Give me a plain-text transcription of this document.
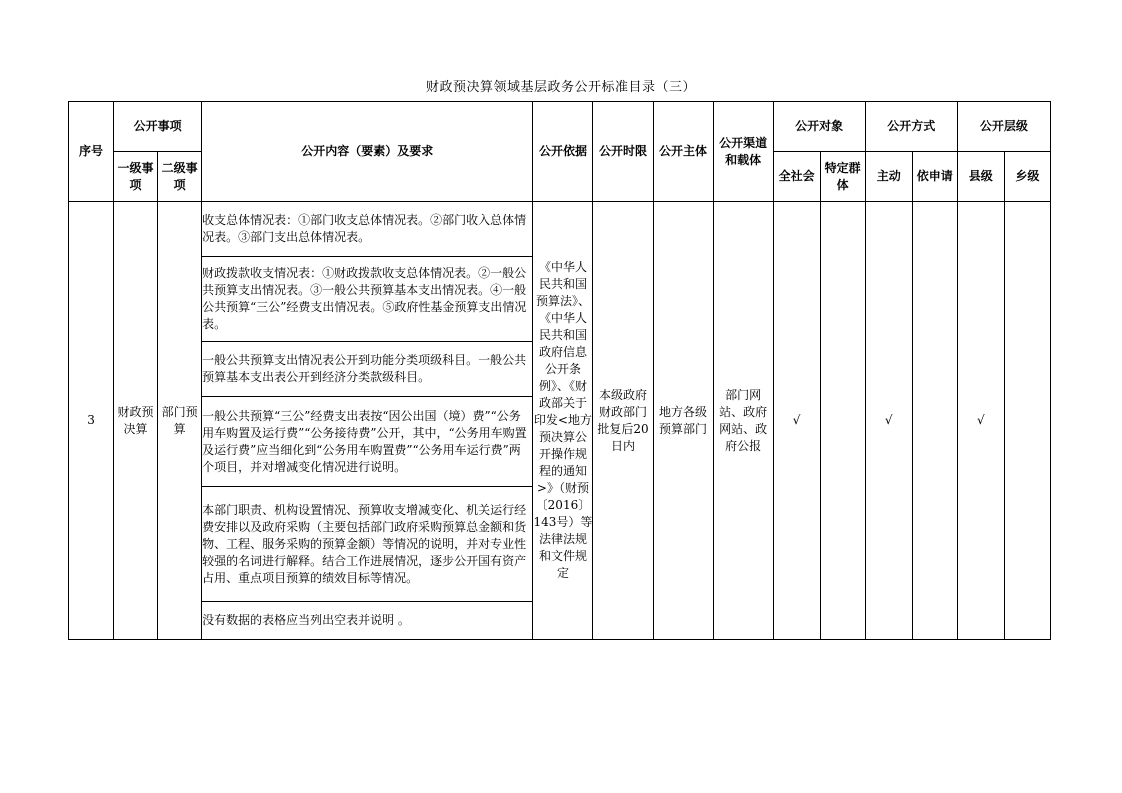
财政预决算领域基层政务公开标准目录（三）
序号	公开事项		公开内容（要素）及要求	公开依据	公开时限	公开主体	公开渠道和载体	公开对象		公开方式		公开层级	
	一级事项	二级事项						全社会	特定群体	主动	依申请	县级	乡级
3	财政预决算	部门预算	收支总体情况表：①部门收支总体情况表。②部门收入总体情况表。③部门支出总体情况表。	《中华人民共和国预算法》、《中华人民共和国政府信息公开条例》、《财政部关于印发<地方预决算公开操作规程的通知>》（财预〔2016〕143号）等法律法规和文件规定	本级政府财政部门批复后20日内	地方各级预算部门	部门网站、政府网站、政府公报	√		√		√	
			财政拨款收支情况表：①财政拨款收支总体情况表。②一般公共预算支出情况表。③一般公共预算基本支出情况表。④一般公共预算“三公”经费支出情况表。⑤政府性基金预算支出情况表。										
			一般公共预算支出情况表公开到功能分类项级科目。一般公共预算基本支出表公开到经济分类款级科目。										
			一般公共预算“三公”经费支出表按“因公出国（境）费”“公务用车购置及运行费”“公务接待费”公开，其中，“公务用车购置及运行费”应当细化到“公务用车购置费”“公务用车运行费”两个项目，并对增减变化情况进行说明。										
			本部门职责、机构设置情况、预算收支增减变化、机关运行经费安排以及政府采购（主要包括部门政府采购预算总金额和货物、工程、服务采购的预算金额）等情况的说明，并对专业性较强的名词进行解释。结合工作进展情况，逐步公开国有资产占用、重点项目预算的绩效目标等情况。										
			没有数据的表格应当列出空表并说明 。										
